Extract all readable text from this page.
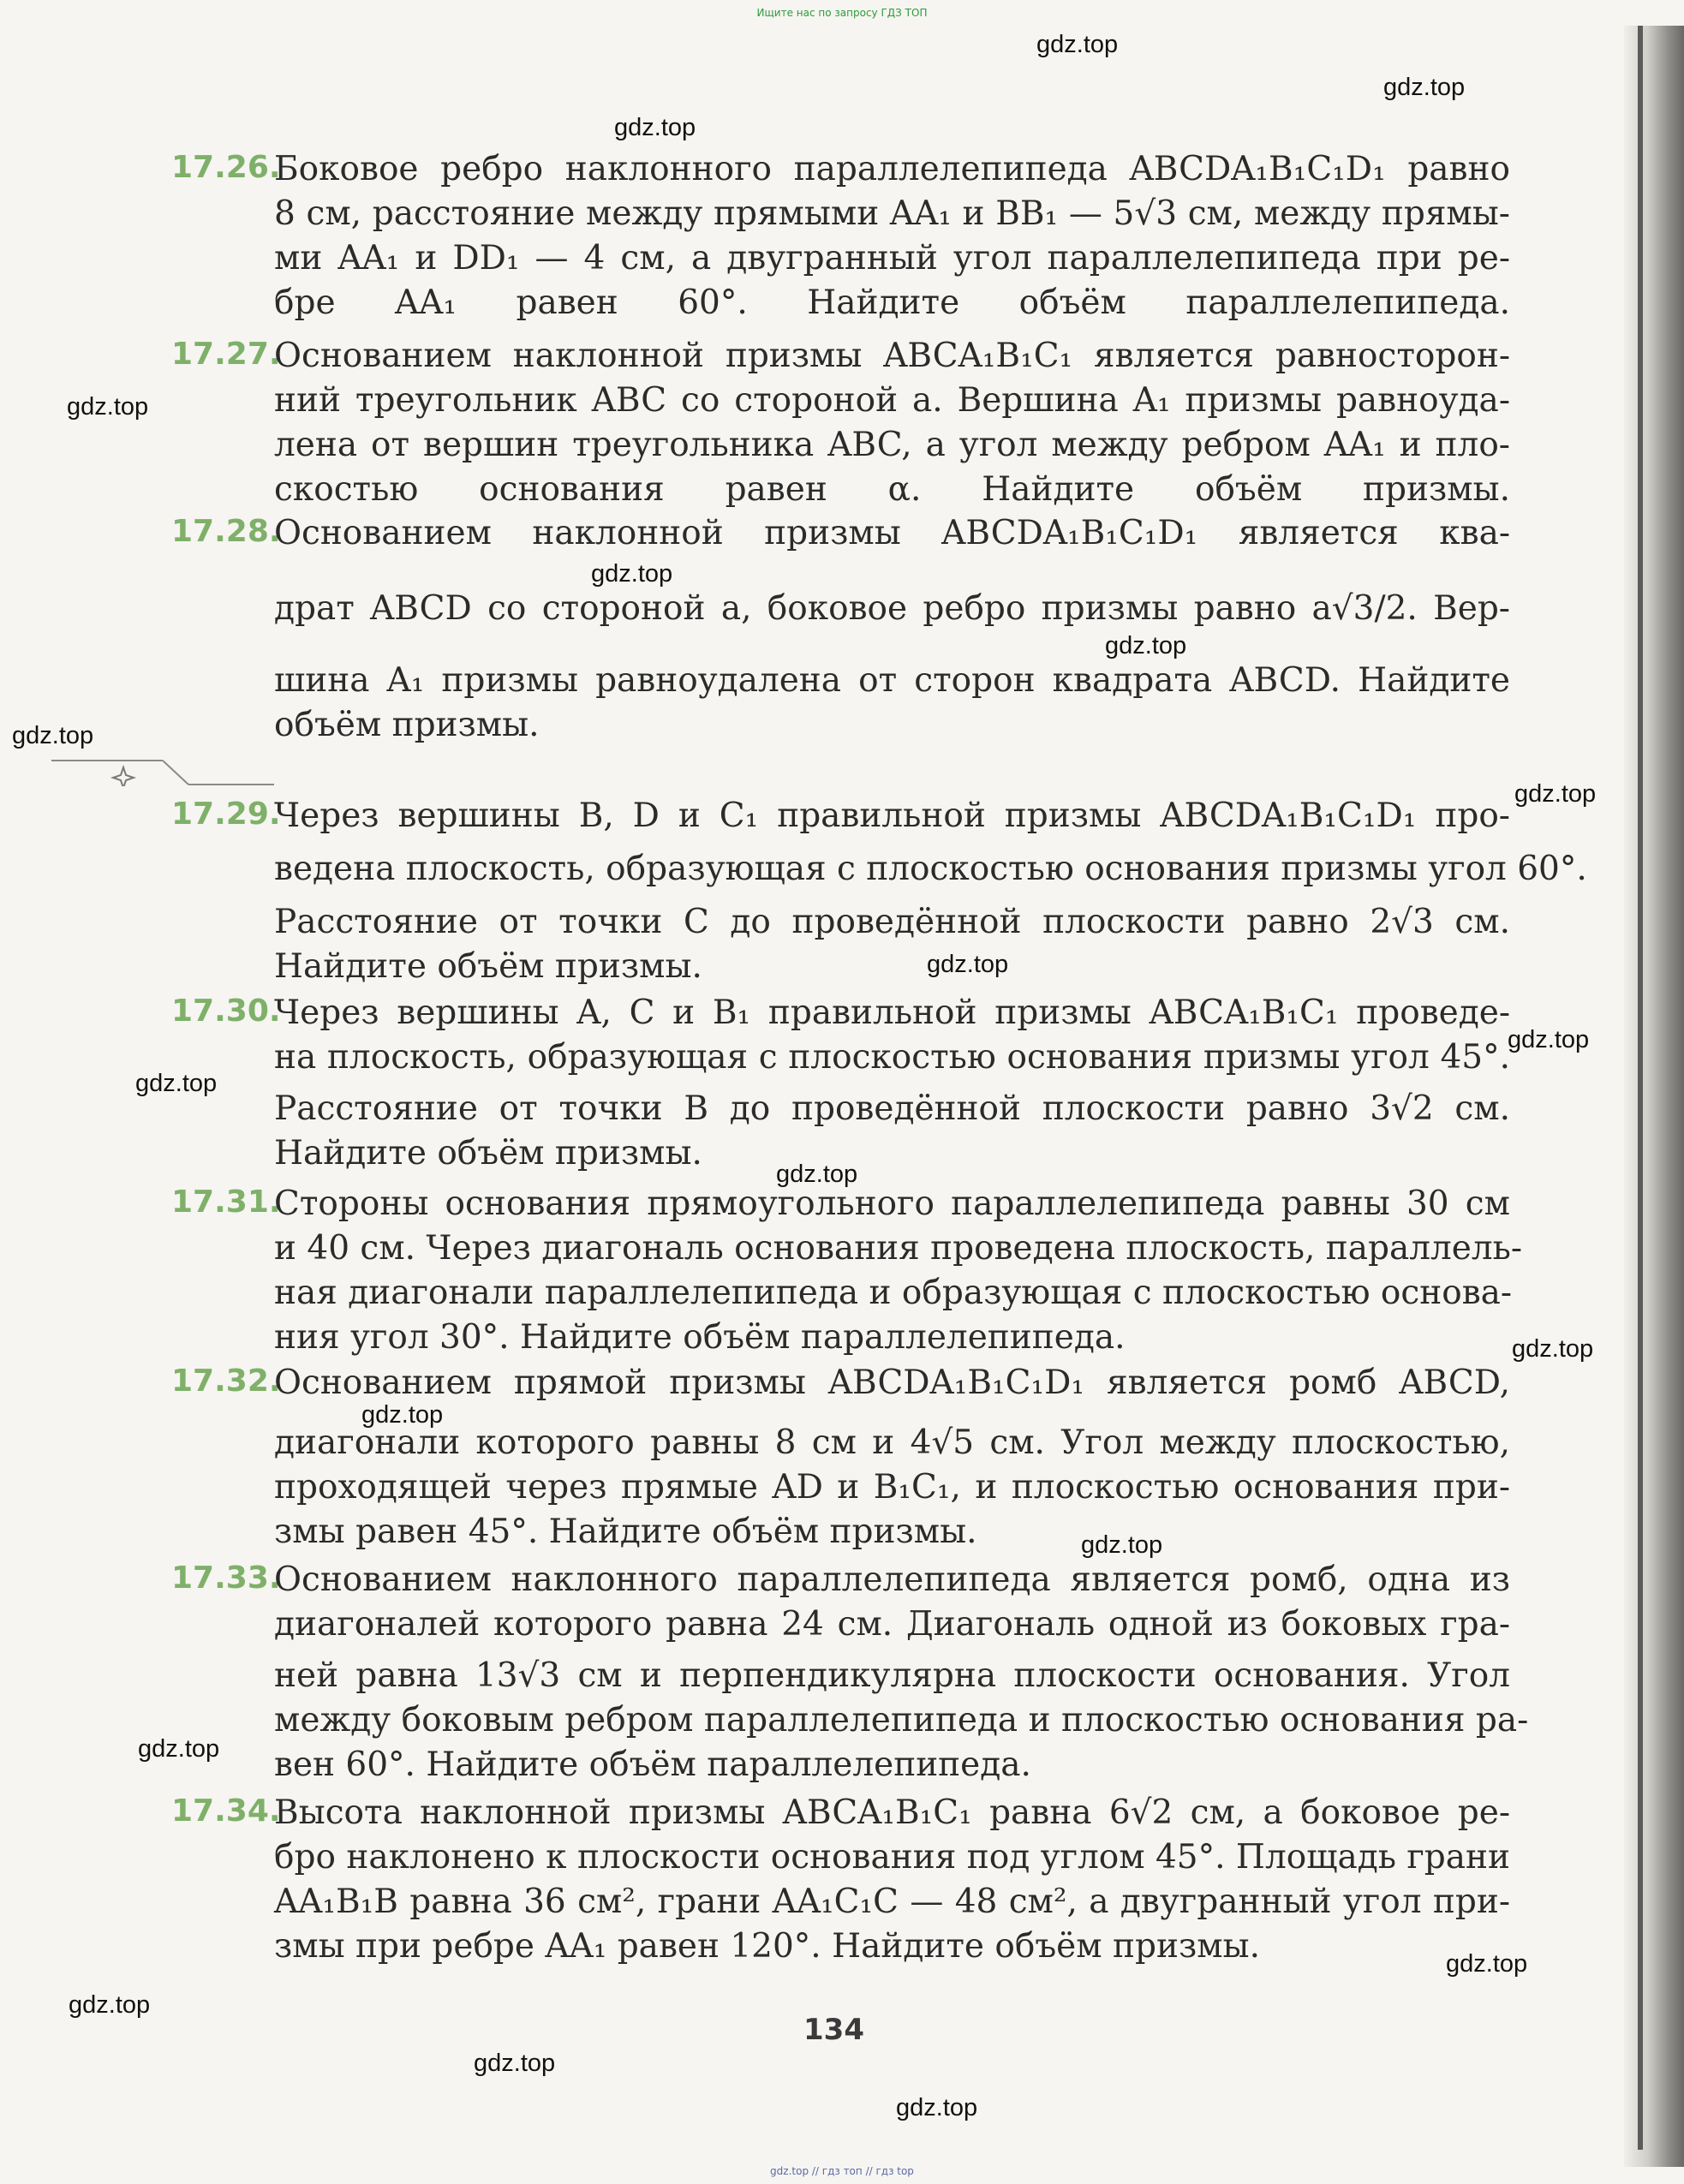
Ищите нас по запросу ГДЗ ТОП
gdz.top
gdz.top
gdz.top
gdz.top
gdz.top
gdz.top
gdz.top
gdz.top
gdz.top
gdz.top
gdz.top
gdz.top
gdz.top
gdz.top
gdz.top
gdz.top
gdz.top
gdz.top
gdz.top
gdz.top
17.26.
Боковое ребро наклонного параллелепипеда ABCDA₁B₁C₁D₁ равно
8 см, расстояние между прямыми AA₁ и BB₁ — 5√3 см, между прямы-
ми AA₁ и DD₁ — 4 см, а двугранный угол параллелепипеда при ре-
бре AA₁ равен 60°. Найдите объём параллелепипеда.
17.27.
Основанием наклонной призмы ABCA₁B₁C₁ является равносторон-
ний треугольник ABC со стороной a. Вершина A₁ призмы равноуда-
лена от вершин треугольника ABC, а угол между ребром AA₁ и пло-
скостью основания равен α. Найдите объём призмы.
17.28.
Основанием наклонной призмы ABCDA₁B₁C₁D₁ является ква-
драт ABCD со стороной a, боковое ребро призмы равно a√3/2. Вер-
шина A₁ призмы равноудалена от сторон квадрата ABCD. Найдите
объём призмы.
17.29.
Через вершины B, D и C₁ правильной призмы ABCDA₁B₁C₁D₁ про-
ведена плоскость, образующая с плоскостью основания призмы угол 60°.
Расстояние от точки C до проведённой плоскости равно 2√3 см.
Найдите объём призмы.
17.30.
Через вершины A, C и B₁ правильной призмы ABCA₁B₁C₁ проведе-
на плоскость, образующая с плоскостью основания призмы угол 45°.
Расстояние от точки B до проведённой плоскости равно 3√2 см.
Найдите объём призмы.
17.31.
Стороны основания прямоугольного параллелепипеда равны 30 см
и 40 см. Через диагональ основания проведена плоскость, параллель-
ная диагонали параллелепипеда и образующая с плоскостью основа-
ния угол 30°. Найдите объём параллелепипеда.
17.32.
Основанием прямой призмы ABCDA₁B₁C₁D₁ является ромб ABCD,
диагонали которого равны 8 см и 4√5 см. Угол между плоскостью,
проходящей через прямые AD и B₁C₁, и плоскостью основания при-
змы равен 45°. Найдите объём призмы.
17.33.
Основанием наклонного параллелепипеда является ромб, одна из
диагоналей которого равна 24 см. Диагональ одной из боковых гра-
ней равна 13√3 см и перпендикулярна плоскости основания. Угол
между боковым ребром параллелепипеда и плоскостью основания ра-
вен 60°. Найдите объём параллелепипеда.
17.34.
Высота наклонной призмы ABCA₁B₁C₁ равна 6√2 см, а боковое ре-
бро наклонено к плоскости основания под углом 45°. Площадь грани
AA₁B₁B равна 36 см², грани AA₁C₁C — 48 см², а двугранный угол при-
змы при ребре AA₁ равен 120°. Найдите объём призмы.
134
gdz.top // гдз топ // гдз top
